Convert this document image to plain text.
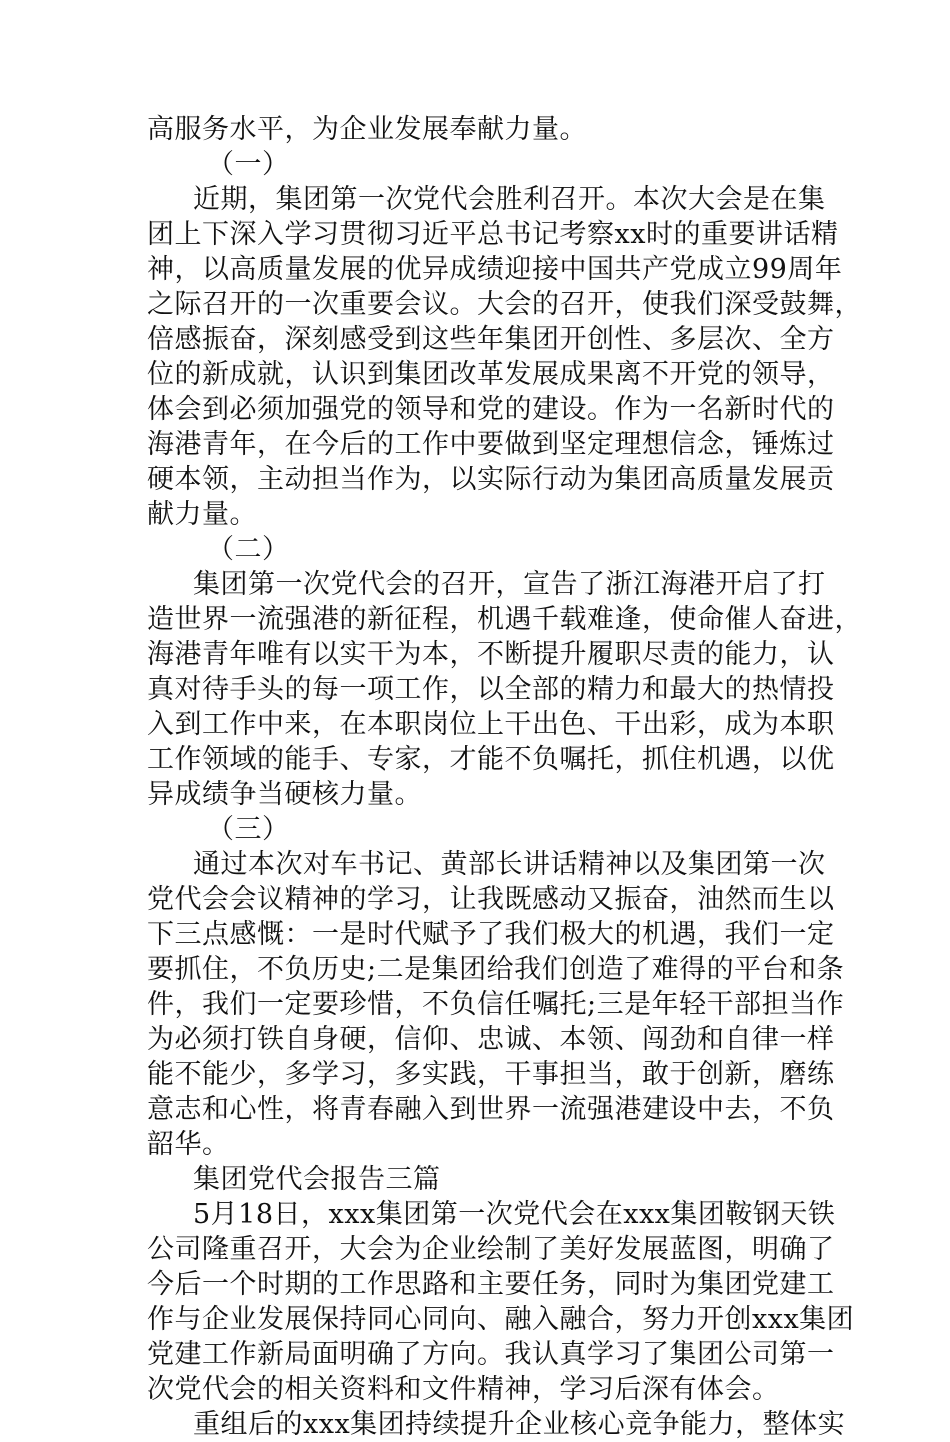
高服务水平，为企业发展奉献力量。
（一）
近期，集团第一次党代会胜利召开。本次大会是在集
团上下深入学习贯彻习近平总书记考察xx时的重要讲话精
神，以高质量发展的优异成绩迎接中国共产党成立99周年
之际召开的一次重要会议。大会的召开，使我们深受鼓舞，
倍感振奋，深刻感受到这些年集团开创性、多层次、全方
位的新成就，认识到集团改革发展成果离不开党的领导，
体会到必须加强党的领导和党的建设。作为一名新时代的
海港青年，在今后的工作中要做到坚定理想信念，锤炼过
硬本领，主动担当作为，以实际行动为集团高质量发展贡
献力量。
（二）
集团第一次党代会的召开，宣告了浙江海港开启了打
造世界一流强港的新征程，机遇千载难逢，使命催人奋进，
海港青年唯有以实干为本，不断提升履职尽责的能力，认
真对待手头的每一项工作，以全部的精力和最大的热情投
入到工作中来，在本职岗位上干出色、干出彩，成为本职
工作领域的能手、专家，才能不负嘱托，抓住机遇，以优
异成绩争当硬核力量。
（三）
通过本次对车书记、黄部长讲话精神以及集团第一次
党代会会议精神的学习，让我既感动又振奋，油然而生以
下三点感慨：一是时代赋予了我们极大的机遇，我们一定
要抓住，不负历史;二是集团给我们创造了难得的平台和条
件，我们一定要珍惜，不负信任嘱托;三是年轻干部担当作
为必须打铁自身硬，信仰、忠诚、本领、闯劲和自律一样
能不能少，多学习，多实践，干事担当，敢于创新，磨练
意志和心性，将青春融入到世界一流强港建设中去，不负
韶华。
集团党代会报告三篇
5月18日，xxx集团第一次党代会在xxx集团鞍钢天铁
公司隆重召开，大会为企业绘制了美好发展蓝图，明确了
今后一个时期的工作思路和主要任务，同时为集团党建工
作与企业发展保持同心同向、融入融合，努力开创xxx集团
党建工作新局面明确了方向。我认真学习了集团公司第一
次党代会的相关资料和文件精神，学习后深有体会。
重组后的xxx集团持续提升企业核心竞争能力，整体实
